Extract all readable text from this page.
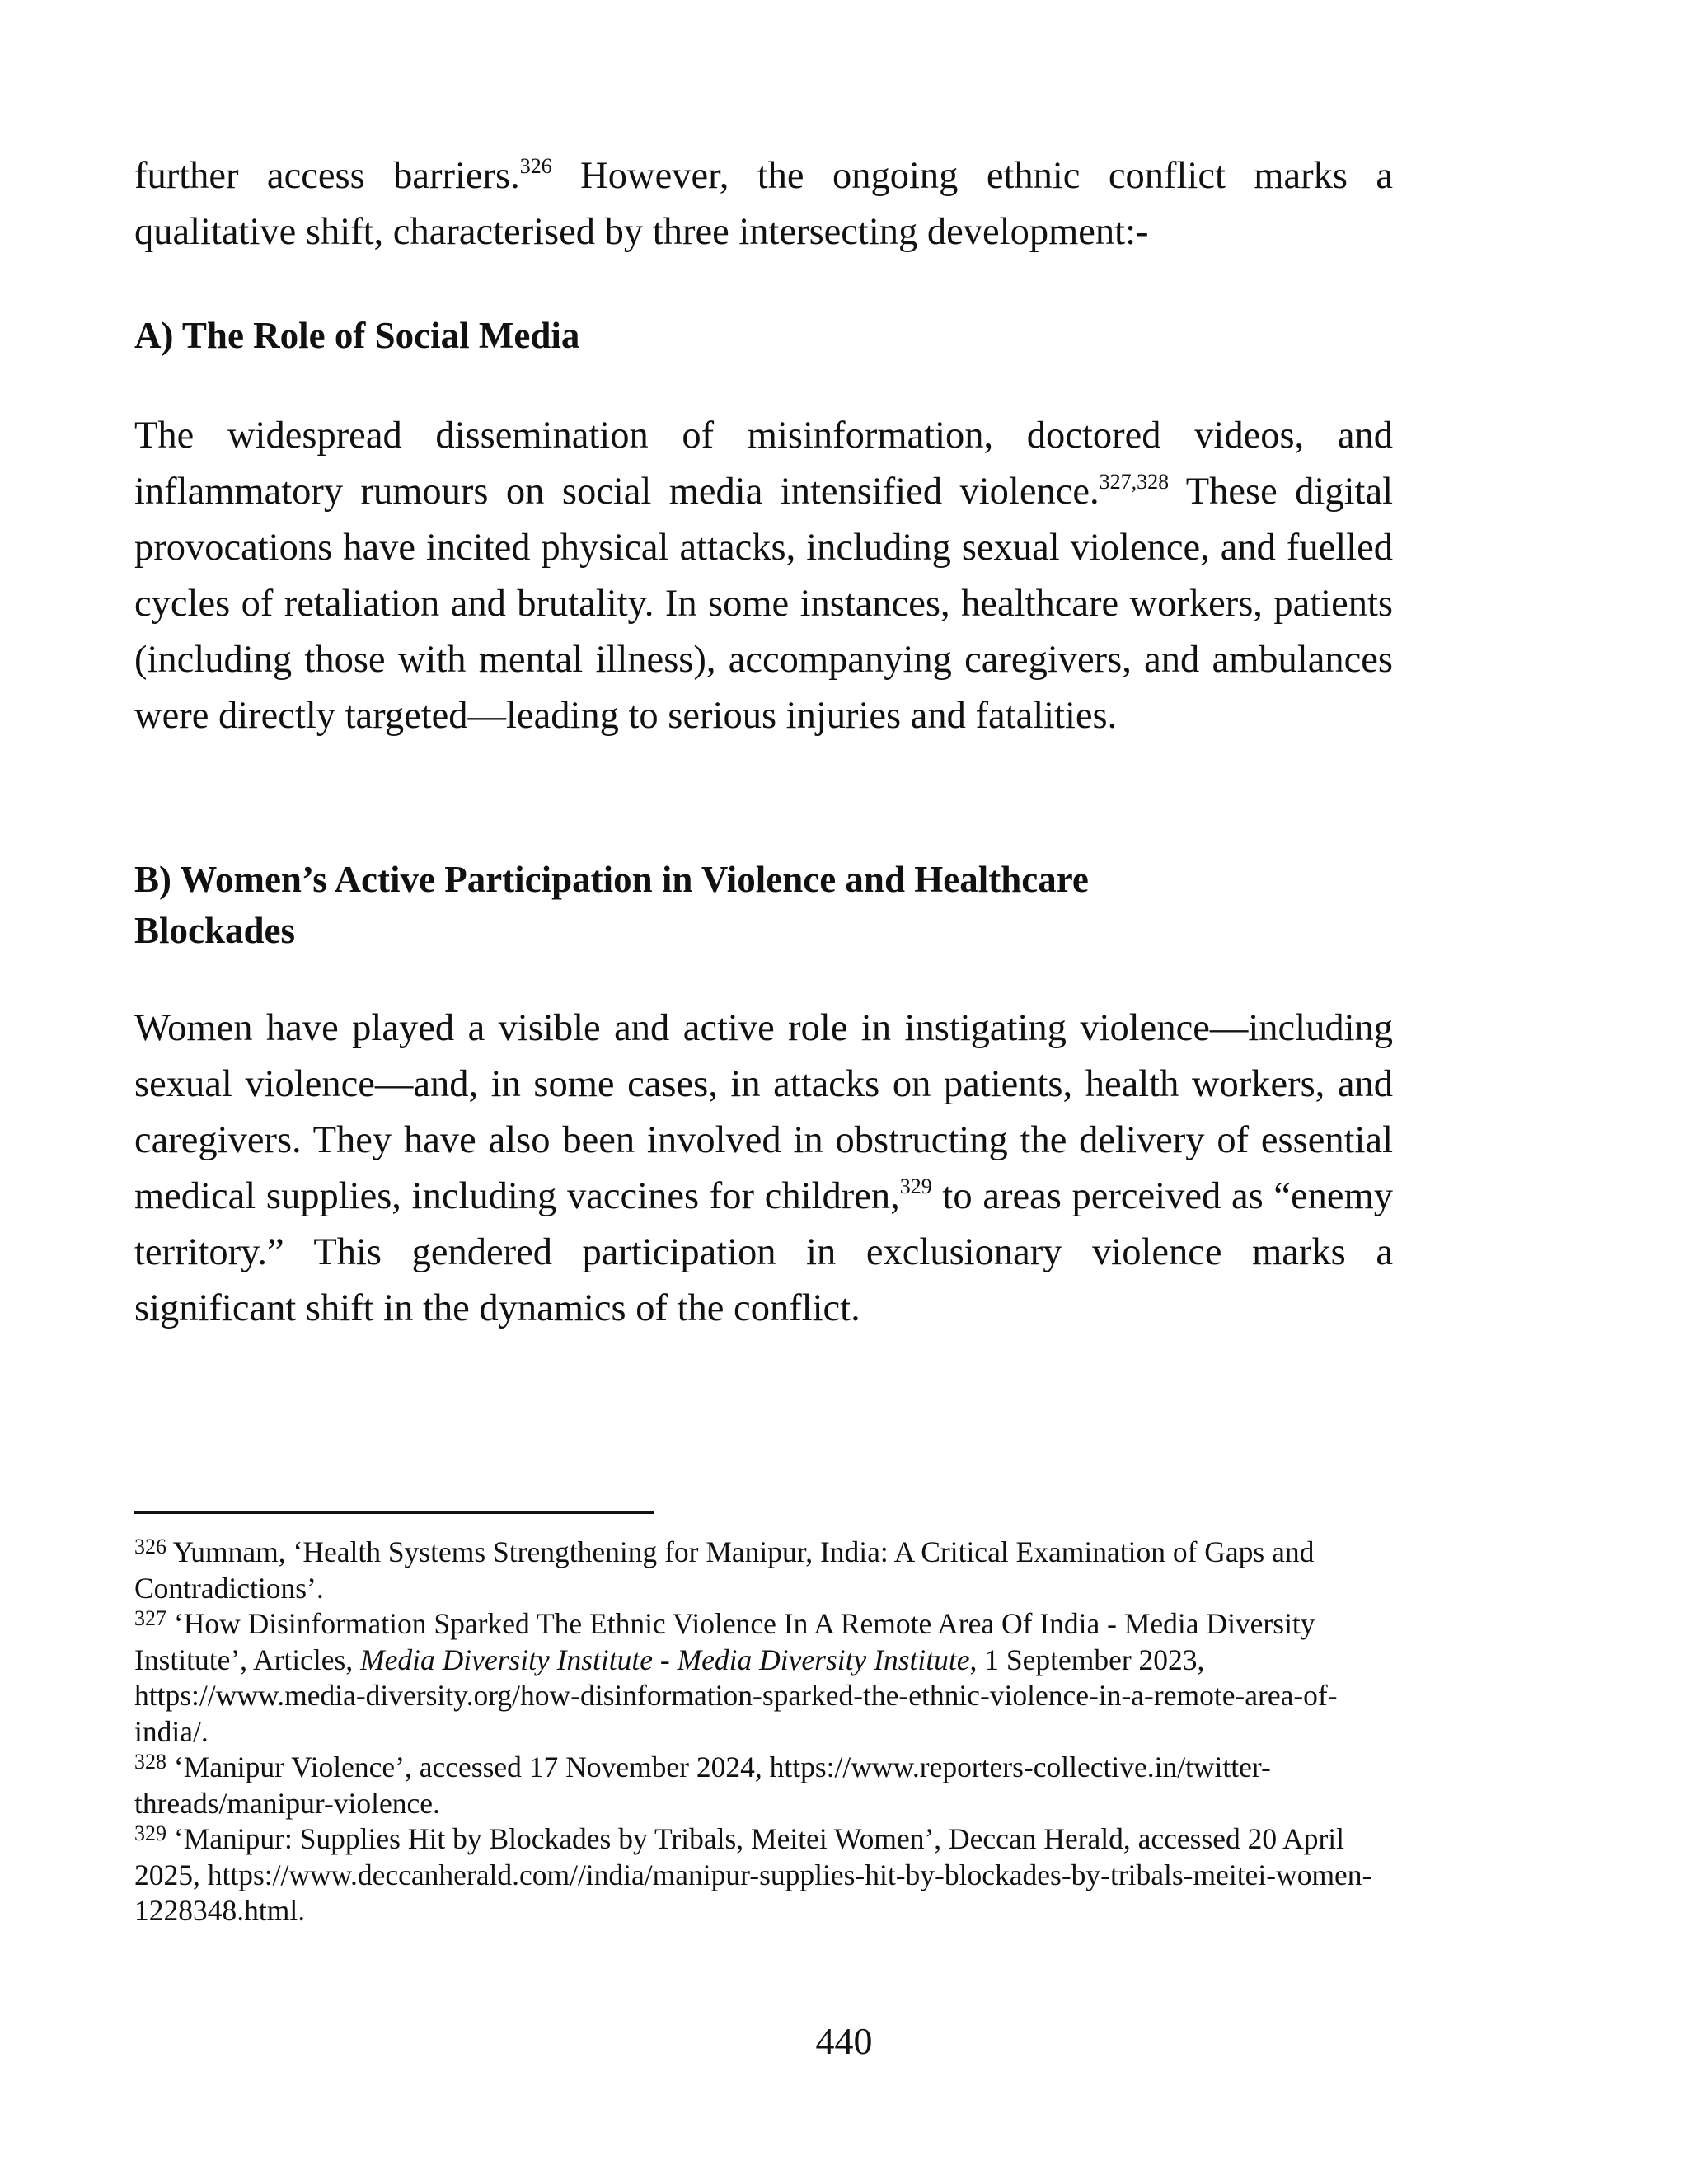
further access barriers.$^{326}$ However, the ongoing ethnic conflict marks a qualitative shift, characterised by three intersecting development:-

A) The Role of Social Media

The widespread dissemination of misinformation, doctored videos, and inflammatory rumours on social media intensified violence.$^{327,328}$ These digital provocations have incited physical attacks, including sexual violence, and fuelled cycles of retaliation and brutality. In some instances, healthcare workers, patients (including those with mental illness), accompanying caregivers, and ambulances were directly targeted—leading to serious injuries and fatalities.

B) Women’s Active Participation in Violence and Healthcare
Blockades

Women have played a visible and active role in instigating violence—including sexual violence—and, in some cases, in attacks on patients, health workers, and caregivers. They have also been involved in obstructing the delivery of essential medical supplies, including vaccines for children,$^{329}$ to areas perceived as “enemy territory.” This gendered participation in exclusionary violence marks a significant shift in the dynamics of the conflict.

$^{326}$ Yumnam, ‘Health Systems Strengthening for Manipur, India: A Critical Examination of Gaps and Contradictions’.

$^{327}$ ‘How Disinformation Sparked The Ethnic Violence In A Remote Area Of India - Media Diversity Institute’, Articles, Media Diversity Institute - Media Diversity Institute, 1 September 2023, https://www.media-diversity.org/how-disinformation-sparked-the-ethnic-violence-in-a-remote-area-of-india/.

$^{328}$ ‘Manipur Violence’, accessed 17 November 2024, https://www.reporters-collective.in/twitter-threads/manipur-violence.

$^{329}$ ‘Manipur: Supplies Hit by Blockades by Tribals, Meitei Women’, Deccan Herald, accessed 20 April 2025, https://www.deccanherald.com//india/manipur-supplies-hit-by-blockades-by-tribals-meitei-women-1228348.html.

440
